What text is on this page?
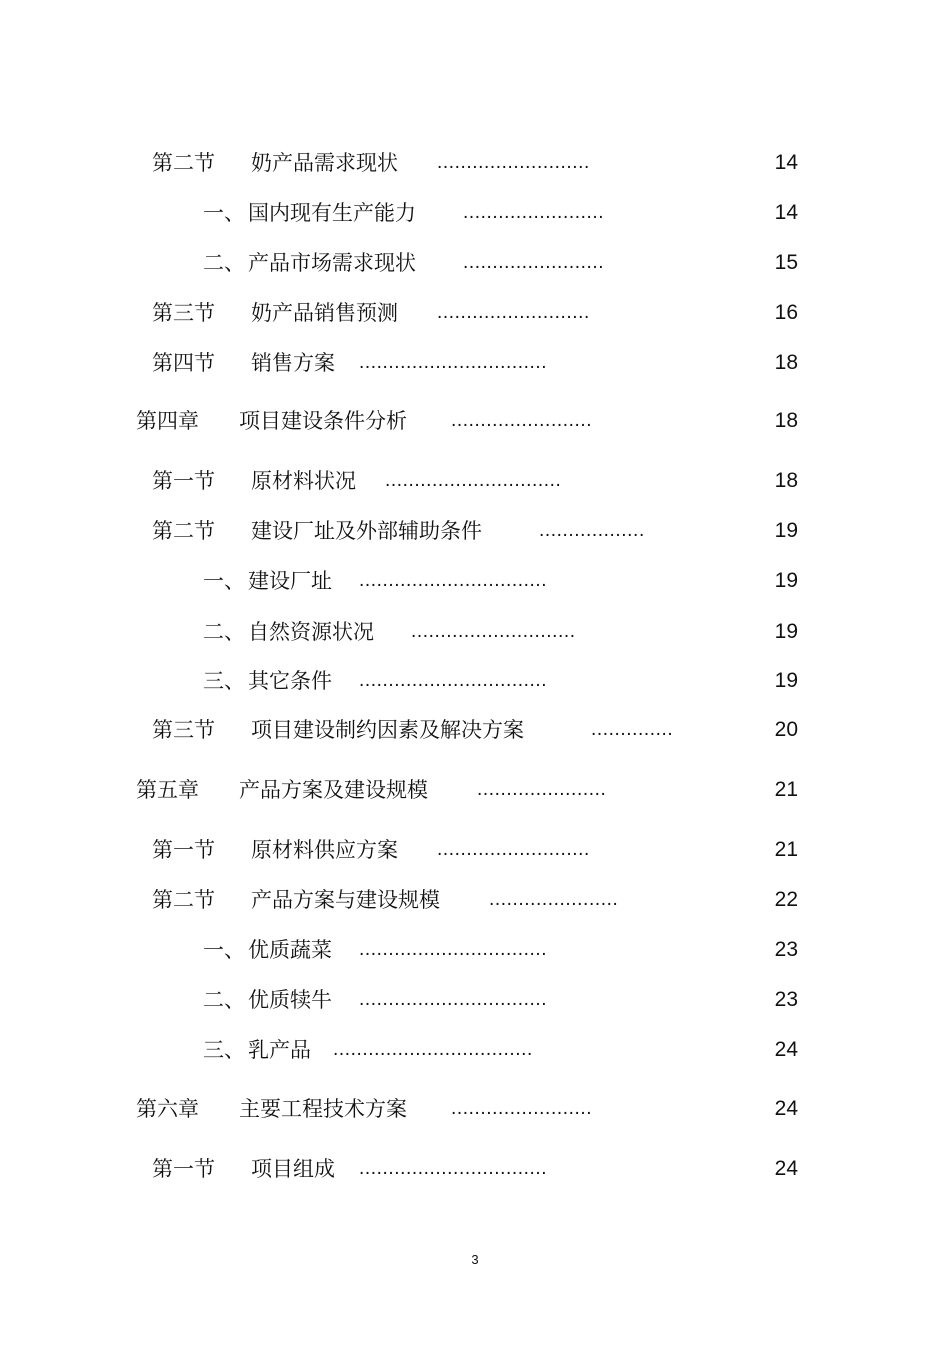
第二节 奶产品需求现状 ..........................	14
一、 国内现有生产能力 ........................	14
二、 产品市场需求现状 ........................	15
第三节 奶产品销售预测 ..........................	16
第四节 销售方案 ................................	18
第四章 项目建设条件分析 ........................	18
第一节 原材料状况 ..............................	18
第二节 建设厂址及外部辅助条件	..................	19
一、 建设厂址 ................................	19
二、 自然资源状况 ............................	19
三、 其它条件 ................................	19
第三节 项目建设制约因素及解决方案	..............	20
第五章 产品方案及建设规模	......................	21
第一节 原材料供应方案 ..........................	21
第二节 产品方案与建设规模	......................	22
一、 优质蔬菜 ................................	23
二、 优质犊牛 ................................	23
三、 乳产品 ..................................	24
第六章 主要工程技术方案 ........................	24
第一节 项目组成 ................................	24
3
